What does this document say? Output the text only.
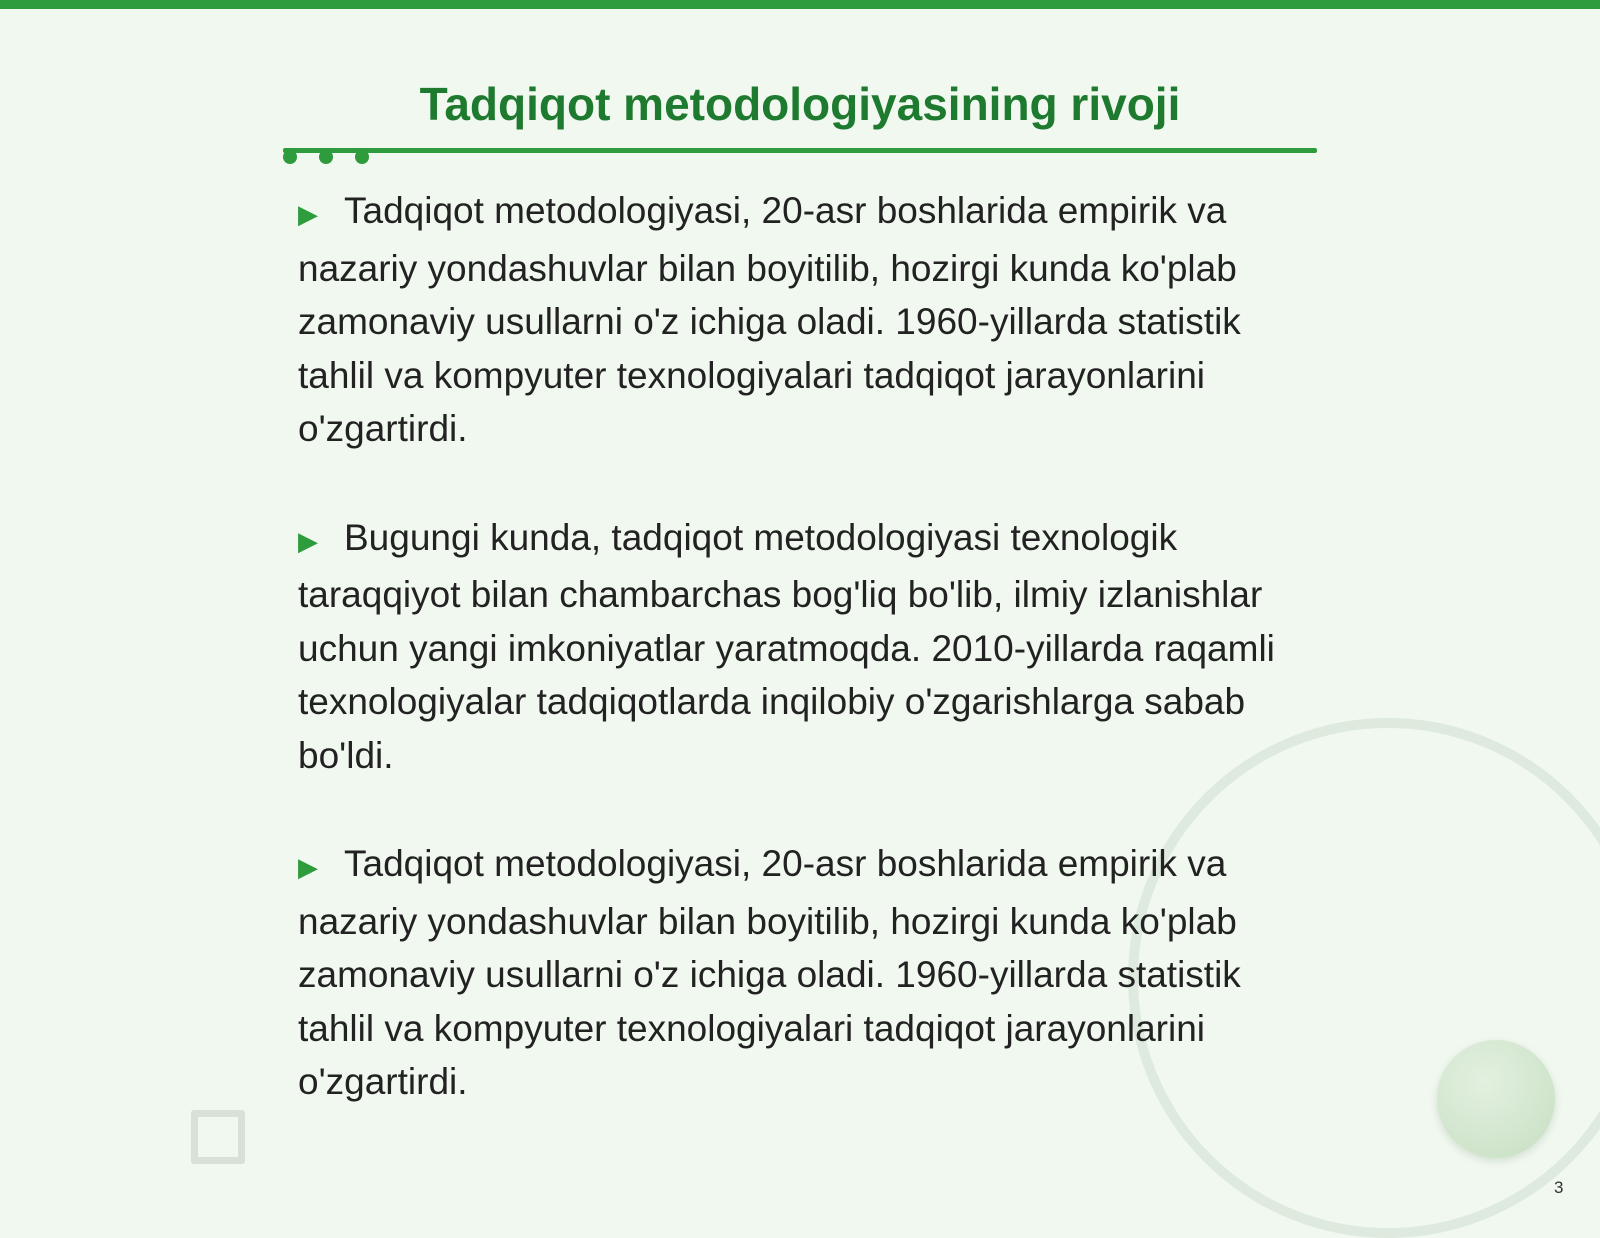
Tadqiqot metodologiyasining rivoji

▶ Tadqiqot metodologiyasi, 20-asr boshlarida empirik va nazariy yondashuvlar bilan boyitilib, hozirgi kunda ko'plab zamonaviy usullarni o'z ichiga oladi. 1960-yillarda statistik tahlil va kompyuter texnologiyalari tadqiqot jarayonlarini o'zgartirdi.

▶ Bugungi kunda, tadqiqot metodologiyasi texnologik taraqqiyot bilan chambarchas bog'liq bo'lib, ilmiy izlanishlar uchun yangi imkoniyatlar yaratmoqda. 2010-yillarda raqamli texnologiyalar tadqiqotlarda inqilobiy o'zgarishlarga sabab bo'ldi.

▶ Tadqiqot metodologiyasi, 20-asr boshlarida empirik va nazariy yondashuvlar bilan boyitilib, hozirgi kunda ko'plab zamonaviy usullarni o'z ichiga oladi. 1960-yillarda statistik tahlil va kompyuter texnologiyalari tadqiqot jarayonlarini o'zgartirdi.

3
